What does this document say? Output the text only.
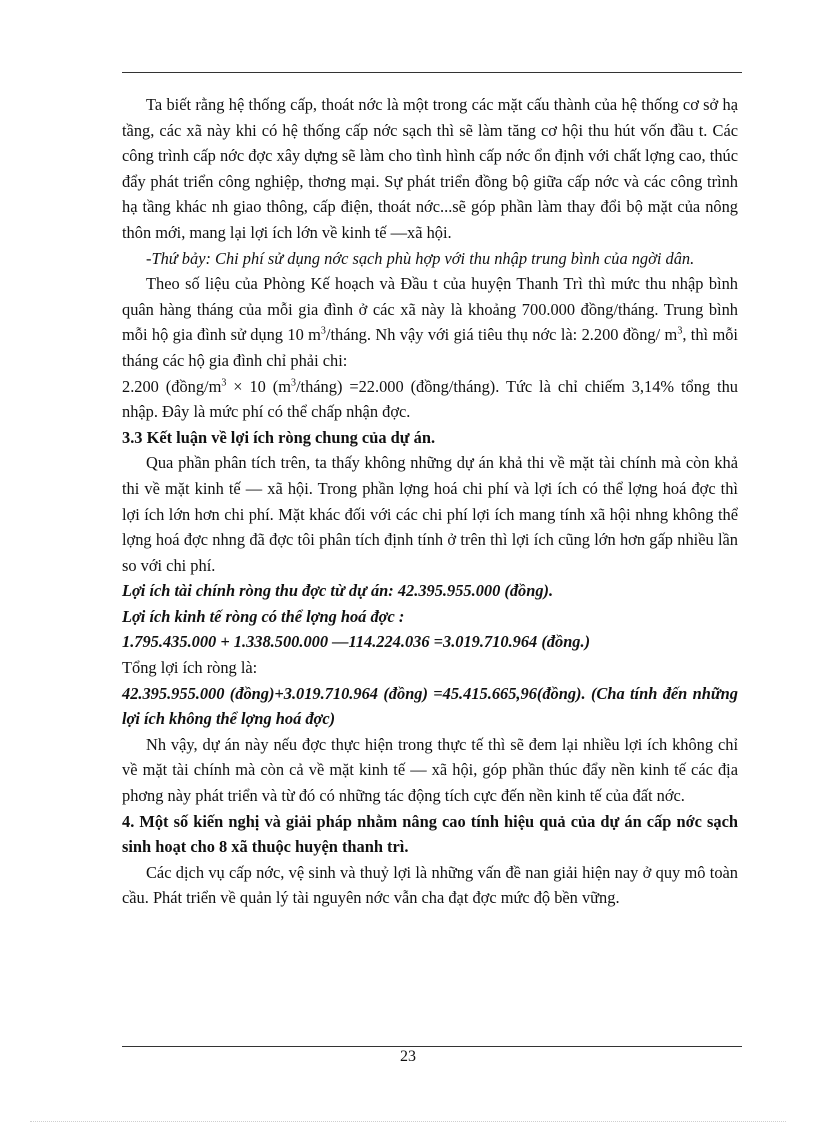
Ta biết rằng hệ thống cấp, thoát nớc là một trong các mặt cấu thành của hệ thống cơ sở hạ tầng, các xã này khi có hệ thống cấp nớc sạch thì sẽ làm tăng cơ hội thu hút vốn đầu t. Các công trình cấp nớc đợc xây dựng sẽ làm cho tình hình cấp nớc ổn định với chất lợng cao, thúc đẩy phát triển công nghiệp, thơng mại. Sự phát triển đồng bộ giữa cấp nớc và các công trình hạ tầng khác nh giao thông, cấp điện, thoát nớc...sẽ góp phần làm thay đổi bộ mặt của nông thôn mới, mang lại lợi ích lớn về kinh tế —xã hội.

-Thứ bảy: Chi phí sử dụng nớc sạch phù hợp với thu nhập trung bình của ngời dân.

Theo số liệu của Phòng Kế hoạch và Đầu t của huyện Thanh Trì thì mức thu nhập bình quân hàng tháng của mỗi gia đình ở các xã này là khoảng 700.000 đồng/tháng. Trung bình mỗi hộ gia đình sử dụng 10 $m^3$/tháng. Nh vậy với giá tiêu thụ nớc là: 2.200 đồng/ $m^3$, thì mỗi tháng các hộ gia đình chỉ phải chi:

2.200 ($đồng/m^3 \times 10$ $(m^3/tháng) =22.000$ (đồng/tháng). Tức là chỉ chiếm 3,14% tổng thu nhập. Đây là mức phí có thể chấp nhận đợc.

3.3 Kết luận về lợi ích ròng chung của dự án.

Qua phần phân tích trên, ta thấy không những dự án khả thi về mặt tài chính mà còn khả thi về mặt kinh tế — xã hội. Trong phần lợng hoá chi phí và lợi ích có thể lợng hoá đợc thì lợi ích lớn hơn chi phí. Mặt khác đối với các chi phí lợi ích mang tính xã hội nhng không thể lợng hoá đợc nhng đã đợc tôi phân tích định tính ở trên thì lợi ích cũng lớn hơn gấp nhiều lần so với chi phí.

Lợi ích tài chính ròng thu đợc từ dự án: 42.395.955.000 (đồng).

Lợi ích kinh tế ròng có thể lợng hoá đợc :

1.795.435.000 + 1.338.500.000 —114.224.036 =3.019.710.964 (đồng.)

Tổng lợi ích ròng là:

42.395.955.000 (đồng)+3.019.710.964 (đồng) =45.415.665,96(đồng). (Cha tính đến những lợi ích không thể lợng hoá đợc)

Nh vậy, dự án này nếu đợc thực hiện trong thực tế thì sẽ đem lại nhiều lợi ích không chỉ về mặt tài chính mà còn cả về mặt kinh tế — xã hội, góp phần thúc đẩy nền kinh tế các địa phơng này phát triển và từ đó có những tác động tích cực đến nền kinh tế của đất nớc.

4. Một số kiến nghị và giải pháp nhằm nâng cao tính hiệu quả của dự án cấp nớc sạch sinh hoạt cho 8 xã thuộc huyện thanh trì.

Các dịch vụ cấp nớc, vệ sinh và thuỷ lợi là những vấn đề nan giải hiện nay ở quy mô toàn cầu. Phát triển về quản lý tài nguyên nớc vẫn cha đạt đợc mức độ bền vững.

23
